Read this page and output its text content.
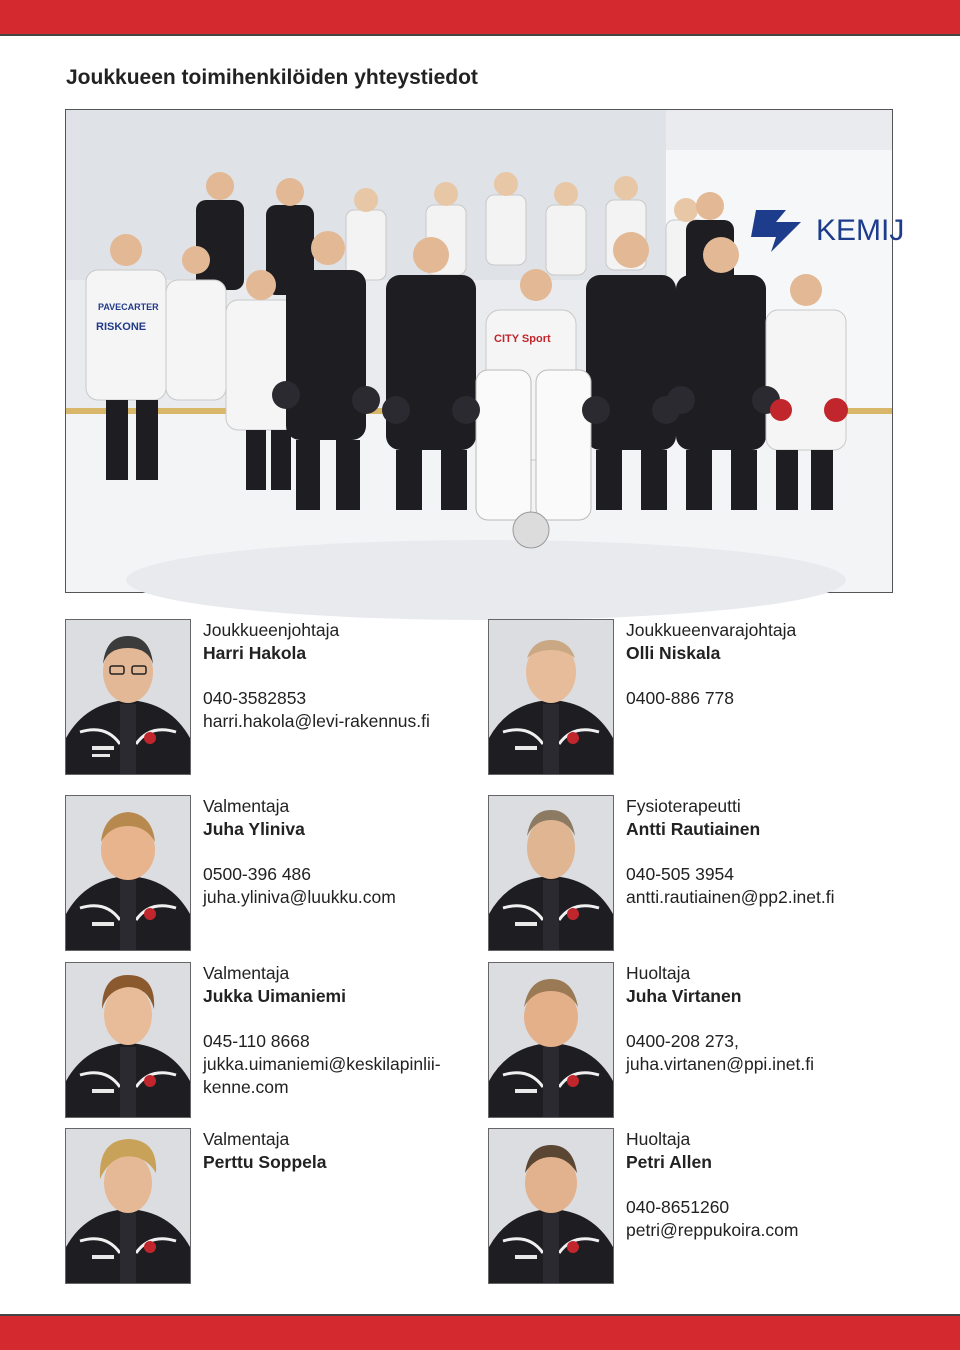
Joukkueen toimihenkilöiden yhteystiedot
KEMIJ
RISKONE
CITY Sport
PAVECARTER
Joukkueenjohtaja
Harri Hakola
040-3582853
harri.hakola@levi-rakennus.fi
Joukkueenvarajohtaja
Olli Niskala
0400-886 778
Valmentaja
Juha Yliniva
0500-396 486
juha.yliniva@luukku.com
Fysioterapeutti
Antti Rautiainen
040-505 3954
antti.rautiainen@pp2.inet.fi
Valmentaja
Jukka Uimaniemi
045-110 8668
jukka.uimaniemi@keskilapinlii-
kenne.com
Huoltaja
Juha Virtanen
0400-208 273,
juha.virtanen@ppi.inet.fi
Valmentaja
Perttu Soppela
Huoltaja
Petri Allen
040-8651260
petri@reppukoira.com
